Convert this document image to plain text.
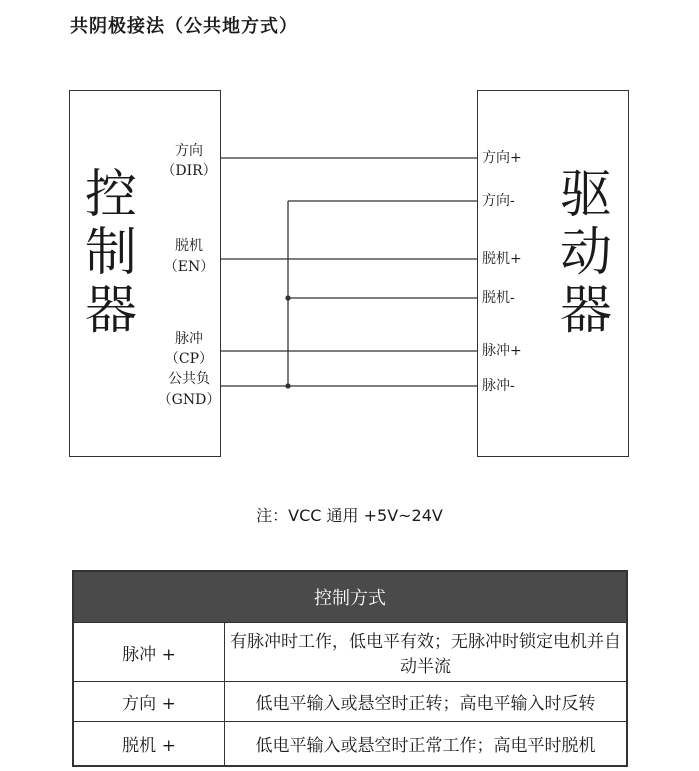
共阴极接法（公共地方式）
控制器
驱动器
方向
（DIR）
脱机
（EN）
脉冲
（CP）
公共负
（GND）
方向+
方向-
脱机+
脱机-
脉冲+
脉冲-
注：VCC 通用 +5V~24V
控制方式	
脉冲 +	有脉冲时工作，低电平有效；无脉冲时锁定电机并自动半流
方向 +	低电平输入或悬空时正转；高电平输入时反转
脱机 +	低电平输入或悬空时正常工作；高电平时脱机
